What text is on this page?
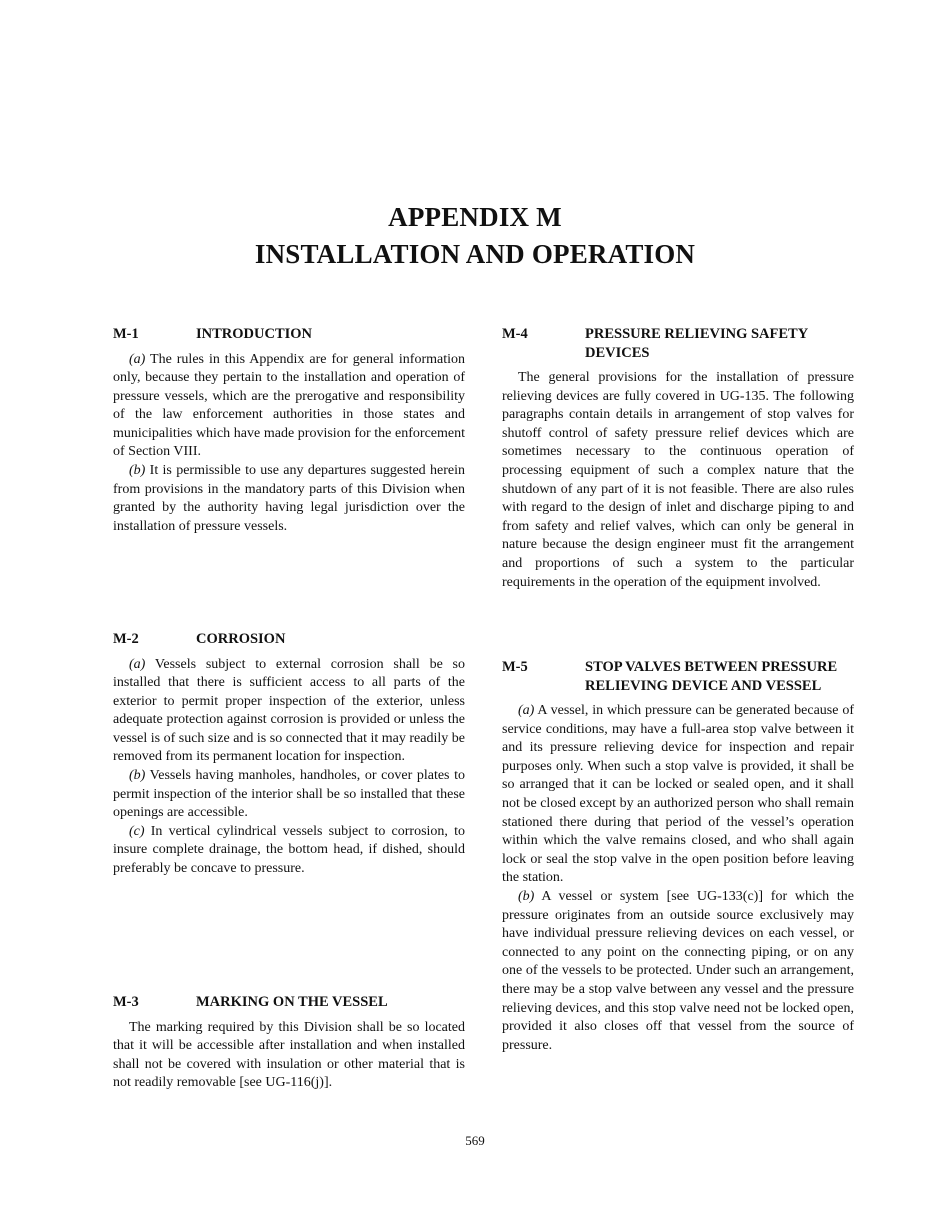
APPENDIX M
INSTALLATION AND OPERATION
M-1	INTRODUCTION

(a) The rules in this Appendix are for general information only, because they pertain to the installation and operation of pressure vessels, which are the prerogative and responsibility of the law enforcement authorities in those states and municipalities which have made provision for the enforcement of Section VIII.

(b) It is permissible to use any departures suggested herein from provisions in the mandatory parts of this Division when granted by the authority having legal jurisdiction over the installation of pressure vessels.

M-2	CORROSION

(a) Vessels subject to external corrosion shall be so installed that there is sufficient access to all parts of the exterior to permit proper inspection of the exterior, unless adequate protection against corrosion is provided or unless the vessel is of such size and is so connected that it may readily be removed from its permanent location for inspection.

(b) Vessels having manholes, handholes, or cover plates to permit inspection of the interior shall be so installed that these openings are accessible.

(c) In vertical cylindrical vessels subject to corrosion, to insure complete drainage, the bottom head, if dished, should preferably be concave to pressure.

M-3	MARKING ON THE VESSEL

The marking required by this Division shall be so located that it will be accessible after installation and when installed shall not be covered with insulation or other material that is not readily removable [see UG-116(j)].

M-4	PRESSURE RELIEVING SAFETY DEVICES

The general provisions for the installation of pressure relieving devices are fully covered in UG-135. The following paragraphs contain details in arrangement of stop valves for shutoff control of safety pressure relief devices which are sometimes necessary to the continuous operation of processing equipment of such a complex nature that the shutdown of any part of it is not feasible. There are also rules with regard to the design of inlet and discharge piping to and from safety and relief valves, which can only be general in nature because the design engineer must fit the arrangement and proportions of such a system to the particular requirements in the operation of the equipment involved.

M-5	STOP VALVES BETWEEN PRESSURE RELIEVING DEVICE AND VESSEL

(a) A vessel, in which pressure can be generated because of service conditions, may have a full-area stop valve between it and its pressure relieving device for inspection and repair purposes only. When such a stop valve is provided, it shall be so arranged that it can be locked or sealed open, and it shall not be closed except by an authorized person who shall remain stationed there during that period of the vessel’s operation within which the valve remains closed, and who shall again lock or seal the stop valve in the open position before leaving the station.

(b) A vessel or system [see UG-133(c)] for which the pressure originates from an outside source exclusively may have individual pressure relieving devices on each vessel, or connected to any point on the connecting piping, or on any one of the vessels to be protected. Under such an arrangement, there may be a stop valve between any vessel and the pressure relieving devices, and this stop valve need not be locked open, provided it also closes off that vessel from the source of pressure.

569
